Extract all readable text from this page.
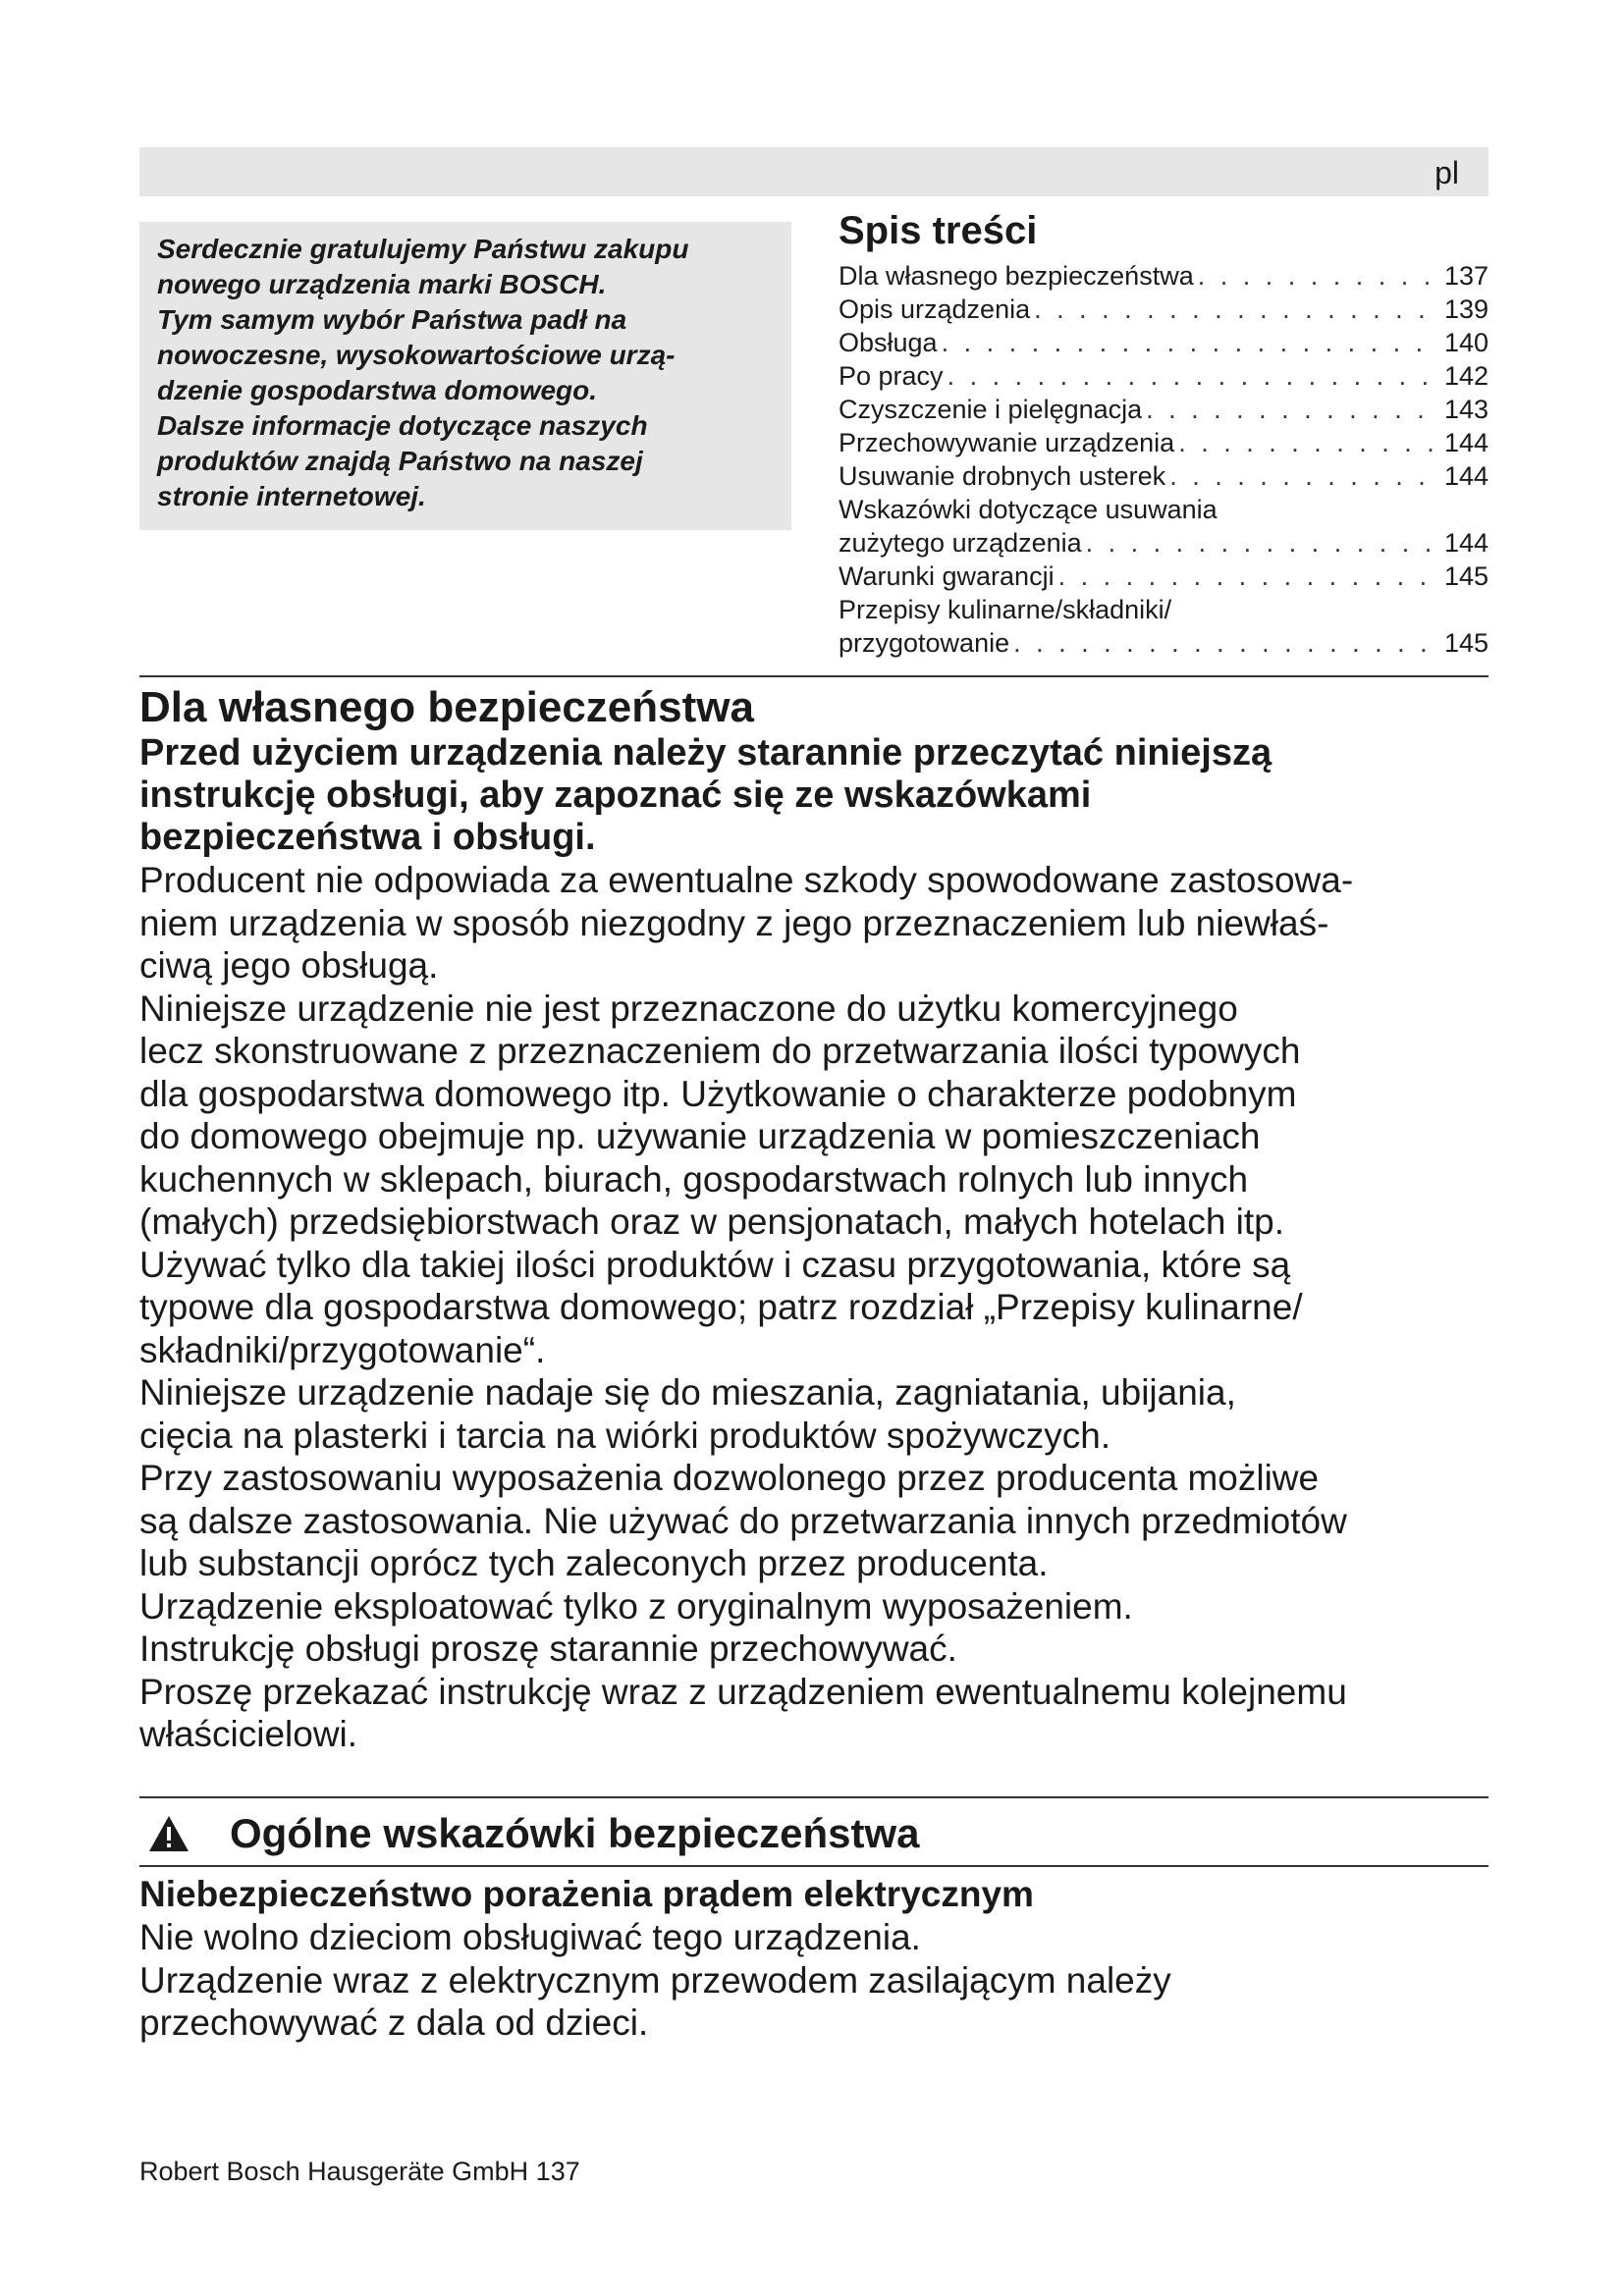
pl
Serdecznie gratulujemy Państwu zakupu
nowego urządzenia marki BOSCH.
Tym samym wybór Państwa padł na
nowoczesne, wysokowartościowe urzą-
dzenie gospodarstwa domowego.
Dalsze informacje dotyczące naszych
produktów znajdą Państwo na naszej
stronie internetowej.
Spis treści
Dla własnego bezpieczeństwa . . .	137
Opis urządzenia . . .	139
Obsługa . . .	140
Po pracy . . .	142
Czyszczenie i pielęgnacja . . .	143
Przechowywanie urządzenia . . .	144
Usuwanie drobnych usterek . . .	144
Wskazówki dotyczące usuwania
zużytego urządzenia . . .	144
Warunki gwarancji . . .	145
Przepisy kulinarne/składniki/
przygotowanie . . .	145
Dla własnego bezpieczeństwa
Przed użyciem urządzenia należy starannie przeczytać niniejszą
instrukcję obsługi, aby zapoznać się ze wskazówkami
bezpieczeństwa i obsługi.
Producent nie odpowiada za ewentualne szkody spowodowane zastosowa-
niem urządzenia w sposób niezgodny z jego przeznaczeniem lub niewłaś-
ciwą jego obsługą.
Niniejsze urządzenie nie jest przeznaczone do użytku komercyjnego
lecz skonstruowane z przeznaczeniem do przetwarzania ilości typowych
dla gospodarstwa domowego itp. Użytkowanie o charakterze podobnym
do domowego obejmuje np. używanie urządzenia w pomieszczeniach
kuchennych w sklepach, biurach, gospodarstwach rolnych lub innych
(małych) przedsiębiorstwach oraz w pensjonatach, małych hotelach itp.
Używać tylko dla takiej ilości produktów i czasu przygotowania, które są
typowe dla gospodarstwa domowego; patrz rozdział „Przepisy kulinarne/
składniki/przygotowanie“.
Niniejsze urządzenie nadaje się do mieszania, zagniatania, ubijania,
cięcia na plasterki i tarcia na wiórki produktów spożywczych.
Przy zastosowaniu wyposażenia dozwolonego przez producenta możliwe
są dalsze zastosowania. Nie używać do przetwarzania innych przedmiotów
lub substancji oprócz tych zaleconych przez producenta.
Urządzenie eksploatować tylko z oryginalnym wyposażeniem.
Instrukcję obsługi proszę starannie przechowywać.
Proszę przekazać instrukcję wraz z urządzeniem ewentualnemu kolejnemu
właścicielowi.
Ogólne wskazówki bezpieczeństwa
Niebezpieczeństwo porażenia prądem elektrycznym
Nie wolno dzieciom obsługiwać tego urządzenia.
Urządzenie wraz z elektrycznym przewodem zasilającym należy
przechowywać z dala od dzieci.
Robert Bosch Hausgeräte GmbH 137
